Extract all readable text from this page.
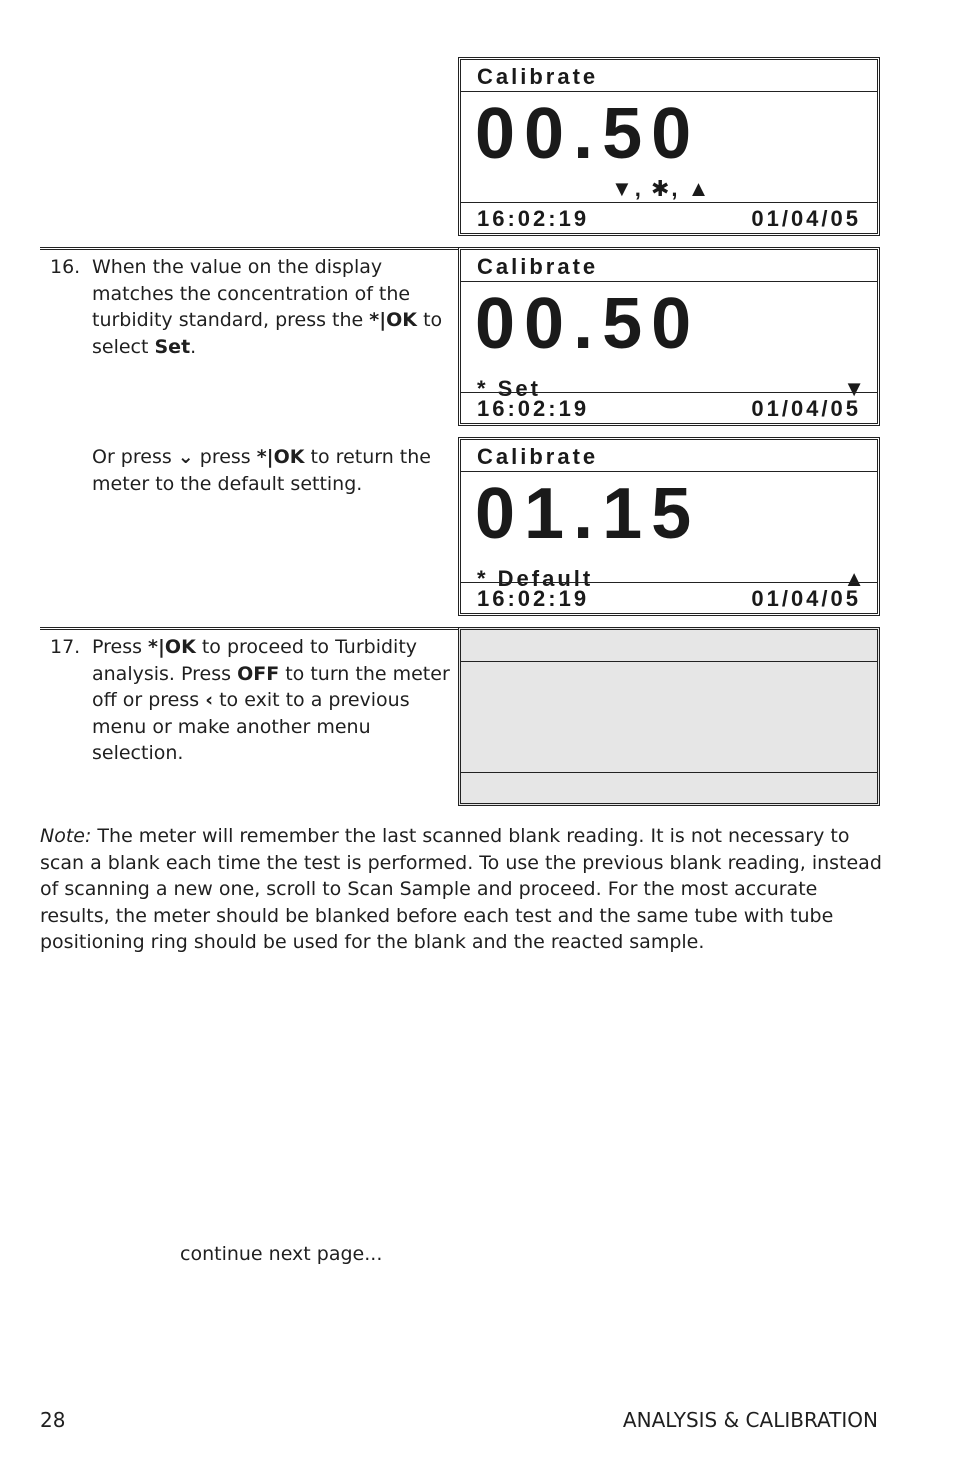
Calibrate
00.50
▼, ✱, ▲
16:02:19	01/04/05
Calibrate
00.50
* Set	▼
16:02:19	01/04/05
16. When the value on the display matches the concentration of the turbidity standard, press the *|OK to select Set.
Calibrate
01.15
* Default	▲
16:02:19	01/04/05
Or press ⌄ press *|OK to return the meter to the default setting.
17. Press *|OK to proceed to Turbidity analysis. Press OFF to turn the meter off or press ‹ to exit to a previous menu or make another menu selection.
Note: The meter will remember the last scanned blank reading. It is not necessary to scan a blank each time the test is performed. To use the previous blank reading, instead of scanning a new one, scroll to Scan Sample and proceed. For the most accurate results, the meter should be blanked before each test and the same tube with tube positioning ring should be used for the blank and the reacted sample.
continue next page...
28	ANALYSIS & CALIBRATION
